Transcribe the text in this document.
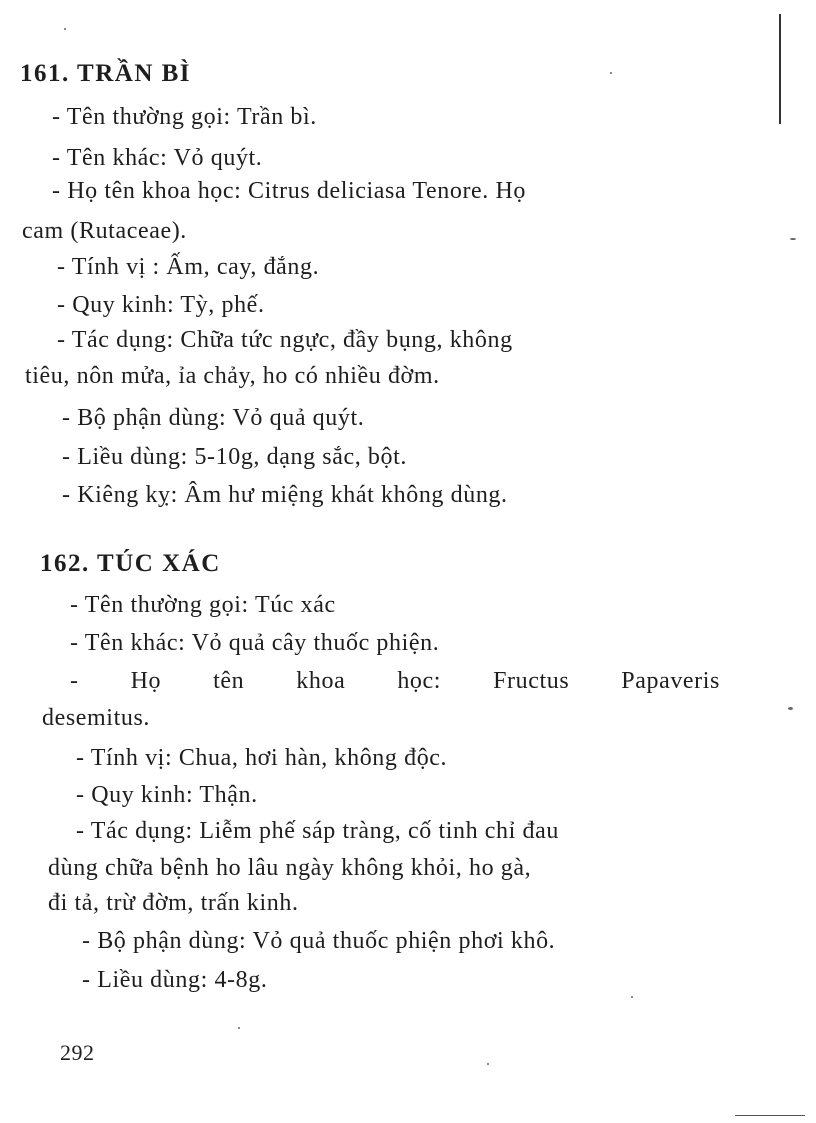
161. TRẦN BÌ
- Tên thường gọi: Trần bì.
- Tên khác: Vỏ quýt.
- Họ tên khoa học: Citrus deliciasa Tenore. Họ
cam (Rutaceae).
- Tính vị : Ấm, cay, đắng.
- Quy kinh: Tỳ, phế.
- Tác dụng: Chữa tức ngực, đầy bụng, không
tiêu, nôn mửa, ỉa chảy, ho có nhiều đờm.
- Bộ phận dùng: Vỏ quả quýt.
- Liều dùng: 5-10g, dạng sắc, bột.
- Kiêng kỵ: Âm hư miệng khát không dùng.
162. TÚC XÁC
- Tên thường gọi: Túc xác
- Tên khác: Vỏ quả cây thuốc phiện.
- Họ tên khoa học: Fructus Papaveris
desemitus.
- Tính vị: Chua, hơi hàn, không độc.
- Quy kinh: Thận.
- Tác dụng: Liễm phế sáp tràng, cố tinh chỉ đau
dùng chữa bệnh ho lâu ngày không khỏi, ho gà,
đi tả, trừ đờm, trấn kinh.
- Bộ phận dùng: Vỏ quả thuốc phiện phơi khô.
- Liều dùng: 4-8g.
292
